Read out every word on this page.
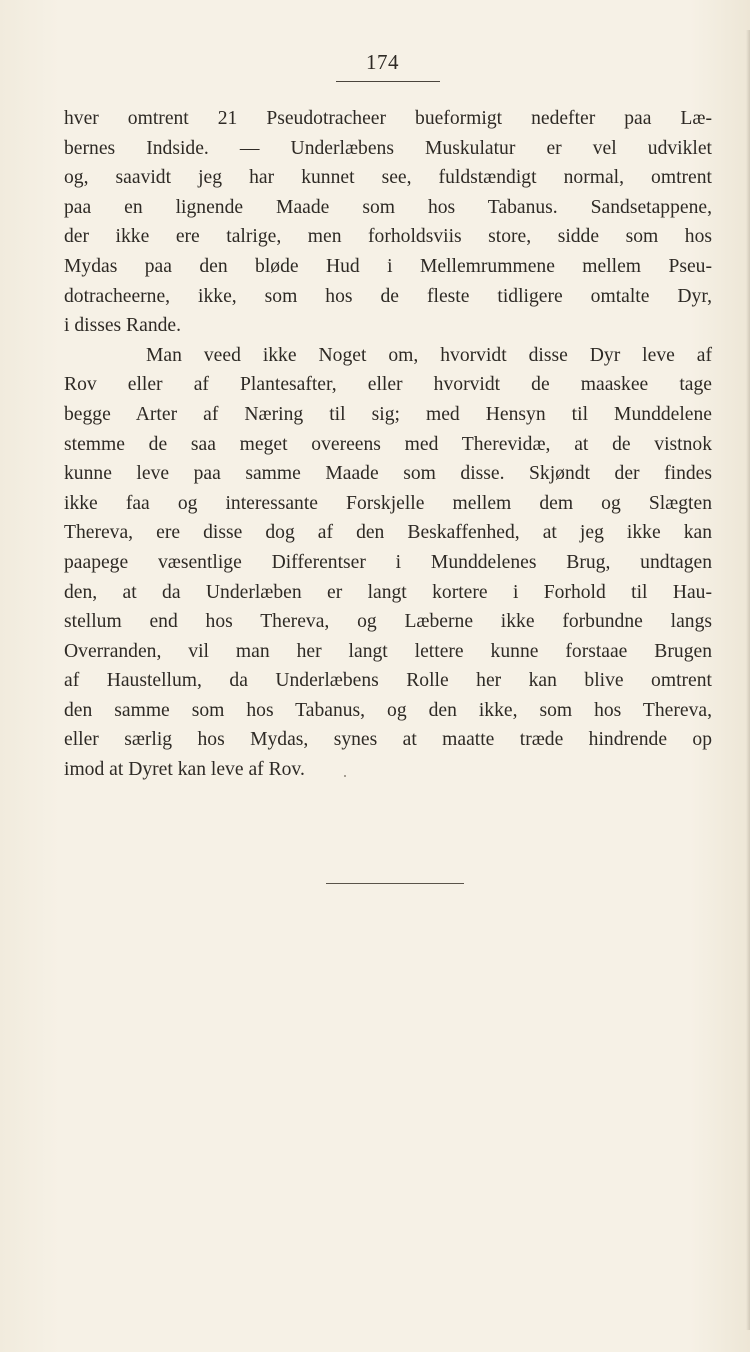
174
hver omtrent 21 Pseudotracheer bueformigt nedefter paa Læ-
bernes Indside. — Underlæbens Muskulatur er vel udviklet
og, saavidt jeg har kunnet see, fuldstændigt normal, omtrent
paa en lignende Maade som hos Tabanus. Sandsetappene,
der ikke ere talrige, men forholdsviis store, sidde som hos
Mydas paa den bløde Hud i Mellemrummene mellem Pseu-
dotracheerne, ikke, som hos de fleste tidligere omtalte Dyr,
i disses Rande.
Man veed ikke Noget om, hvorvidt disse Dyr leve af
Rov eller af Plantesafter, eller hvorvidt de maaskee tage
begge Arter af Næring til sig; med Hensyn til Munddelene
stemme de saa meget overeens med Therevidæ, at de vistnok
kunne leve paa samme Maade som disse. Skjøndt der findes
ikke faa og interessante Forskjelle mellem dem og Slægten
Thereva, ere disse dog af den Beskaffenhed, at jeg ikke kan
paapege væsentlige Differentser i Munddelenes Brug, undtagen
den, at da Underlæben er langt kortere i Forhold til Hau-
stellum end hos Thereva, og Læberne ikke forbundne langs
Overranden, vil man her langt lettere kunne forstaae Brugen
af Haustellum, da Underlæbens Rolle her kan blive omtrent
den samme som hos Tabanus, og den ikke, som hos Thereva,
eller særlig hos Mydas, synes at maatte træde hindrende op
imod at Dyret kan leve af Rov.
